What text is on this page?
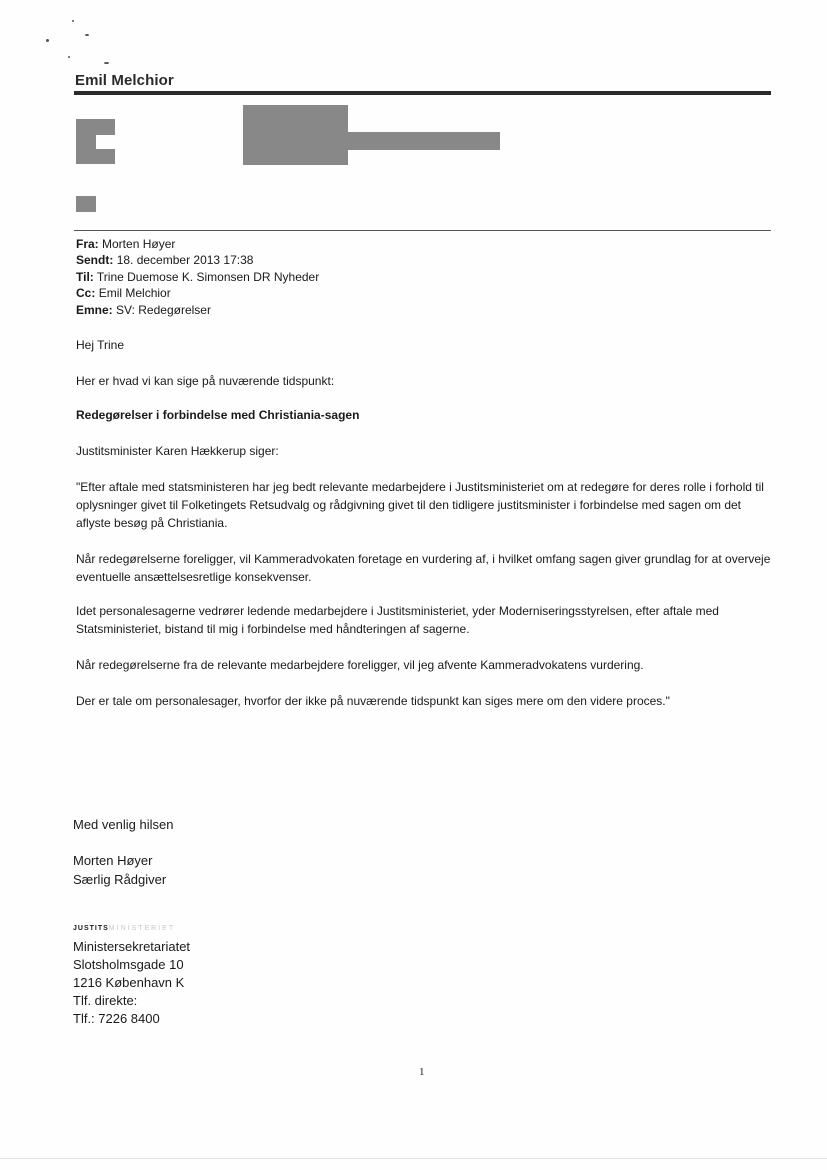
Emil Melchior
Fra: Morten Høyer
Sendt: 18. december 2013 17:38
Til: Trine Duemose K. Simonsen DR Nyheder
Cc: Emil Melchior
Emne: SV: Redegørelser

Hej Trine

Her er hvad vi kan sige på nuværende tidspunkt:

Redegørelser i forbindelse med Christiania-sagen

Justitsminister Karen Hækkerup siger:

"Efter aftale med statsministeren har jeg bedt relevante medarbejdere i Justitsministeriet om at redegøre for deres rolle i forhold til oplysninger givet til Folketingets Retsudvalg og rådgivning givet til den tidligere justitsminister i forbindelse med sagen om det aflyste besøg på Christiania.

Når redegørelserne foreligger, vil Kammeradvokaten foretage en vurdering af, i hvilket omfang sagen giver grundlag for at overveje eventuelle ansættelsesretlige konsekvenser.

Idet personalesagerne vedrører ledende medarbejdere i Justitsministeriet, yder Moderniseringsstyrelsen, efter aftale med Statsministeriet, bistand til mig i forbindelse med håndteringen af sagerne.

Når redegørelserne fra de relevante medarbejdere foreligger, vil jeg afvente Kammeradvokatens vurdering.

Der er tale om personalesager, hvorfor der ikke på nuværende tidspunkt kan siges mere om den videre proces."

Med venlig hilsen
Morten Høyer
Særlig Rådgiver
JUSTITSMINISTERIET
Ministersekretariatet
Slotsholmsgade 10
1216 København K
Tlf. direkte:
Tlf.: 7226 8400
1
